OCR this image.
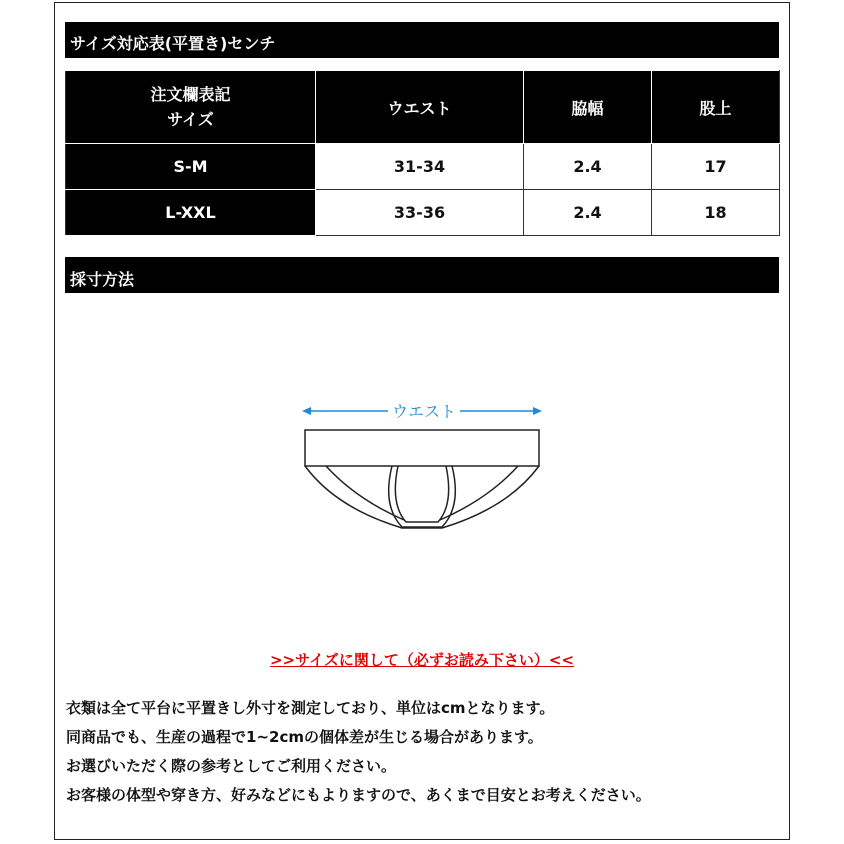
サイズ対応表(平置き)センチ
注文欄表記
サイズ	ウエスト	脇幅	股上
S-M	31-34	2.4	17
L-XXL	33-36	2.4	18
採寸方法
ウエスト
>>サイズに関して（必ずお読み下さい）<<

衣類は全て平台に平置きし外寸を測定しており、単位はcmとなります。

同商品でも、生産の過程で1~2cmの個体差が生じる場合があります。

お選びいただく際の参考としてご利用ください。

お客様の体型や穿き方、好みなどにもよりますので、あくまで目安とお考えください。
